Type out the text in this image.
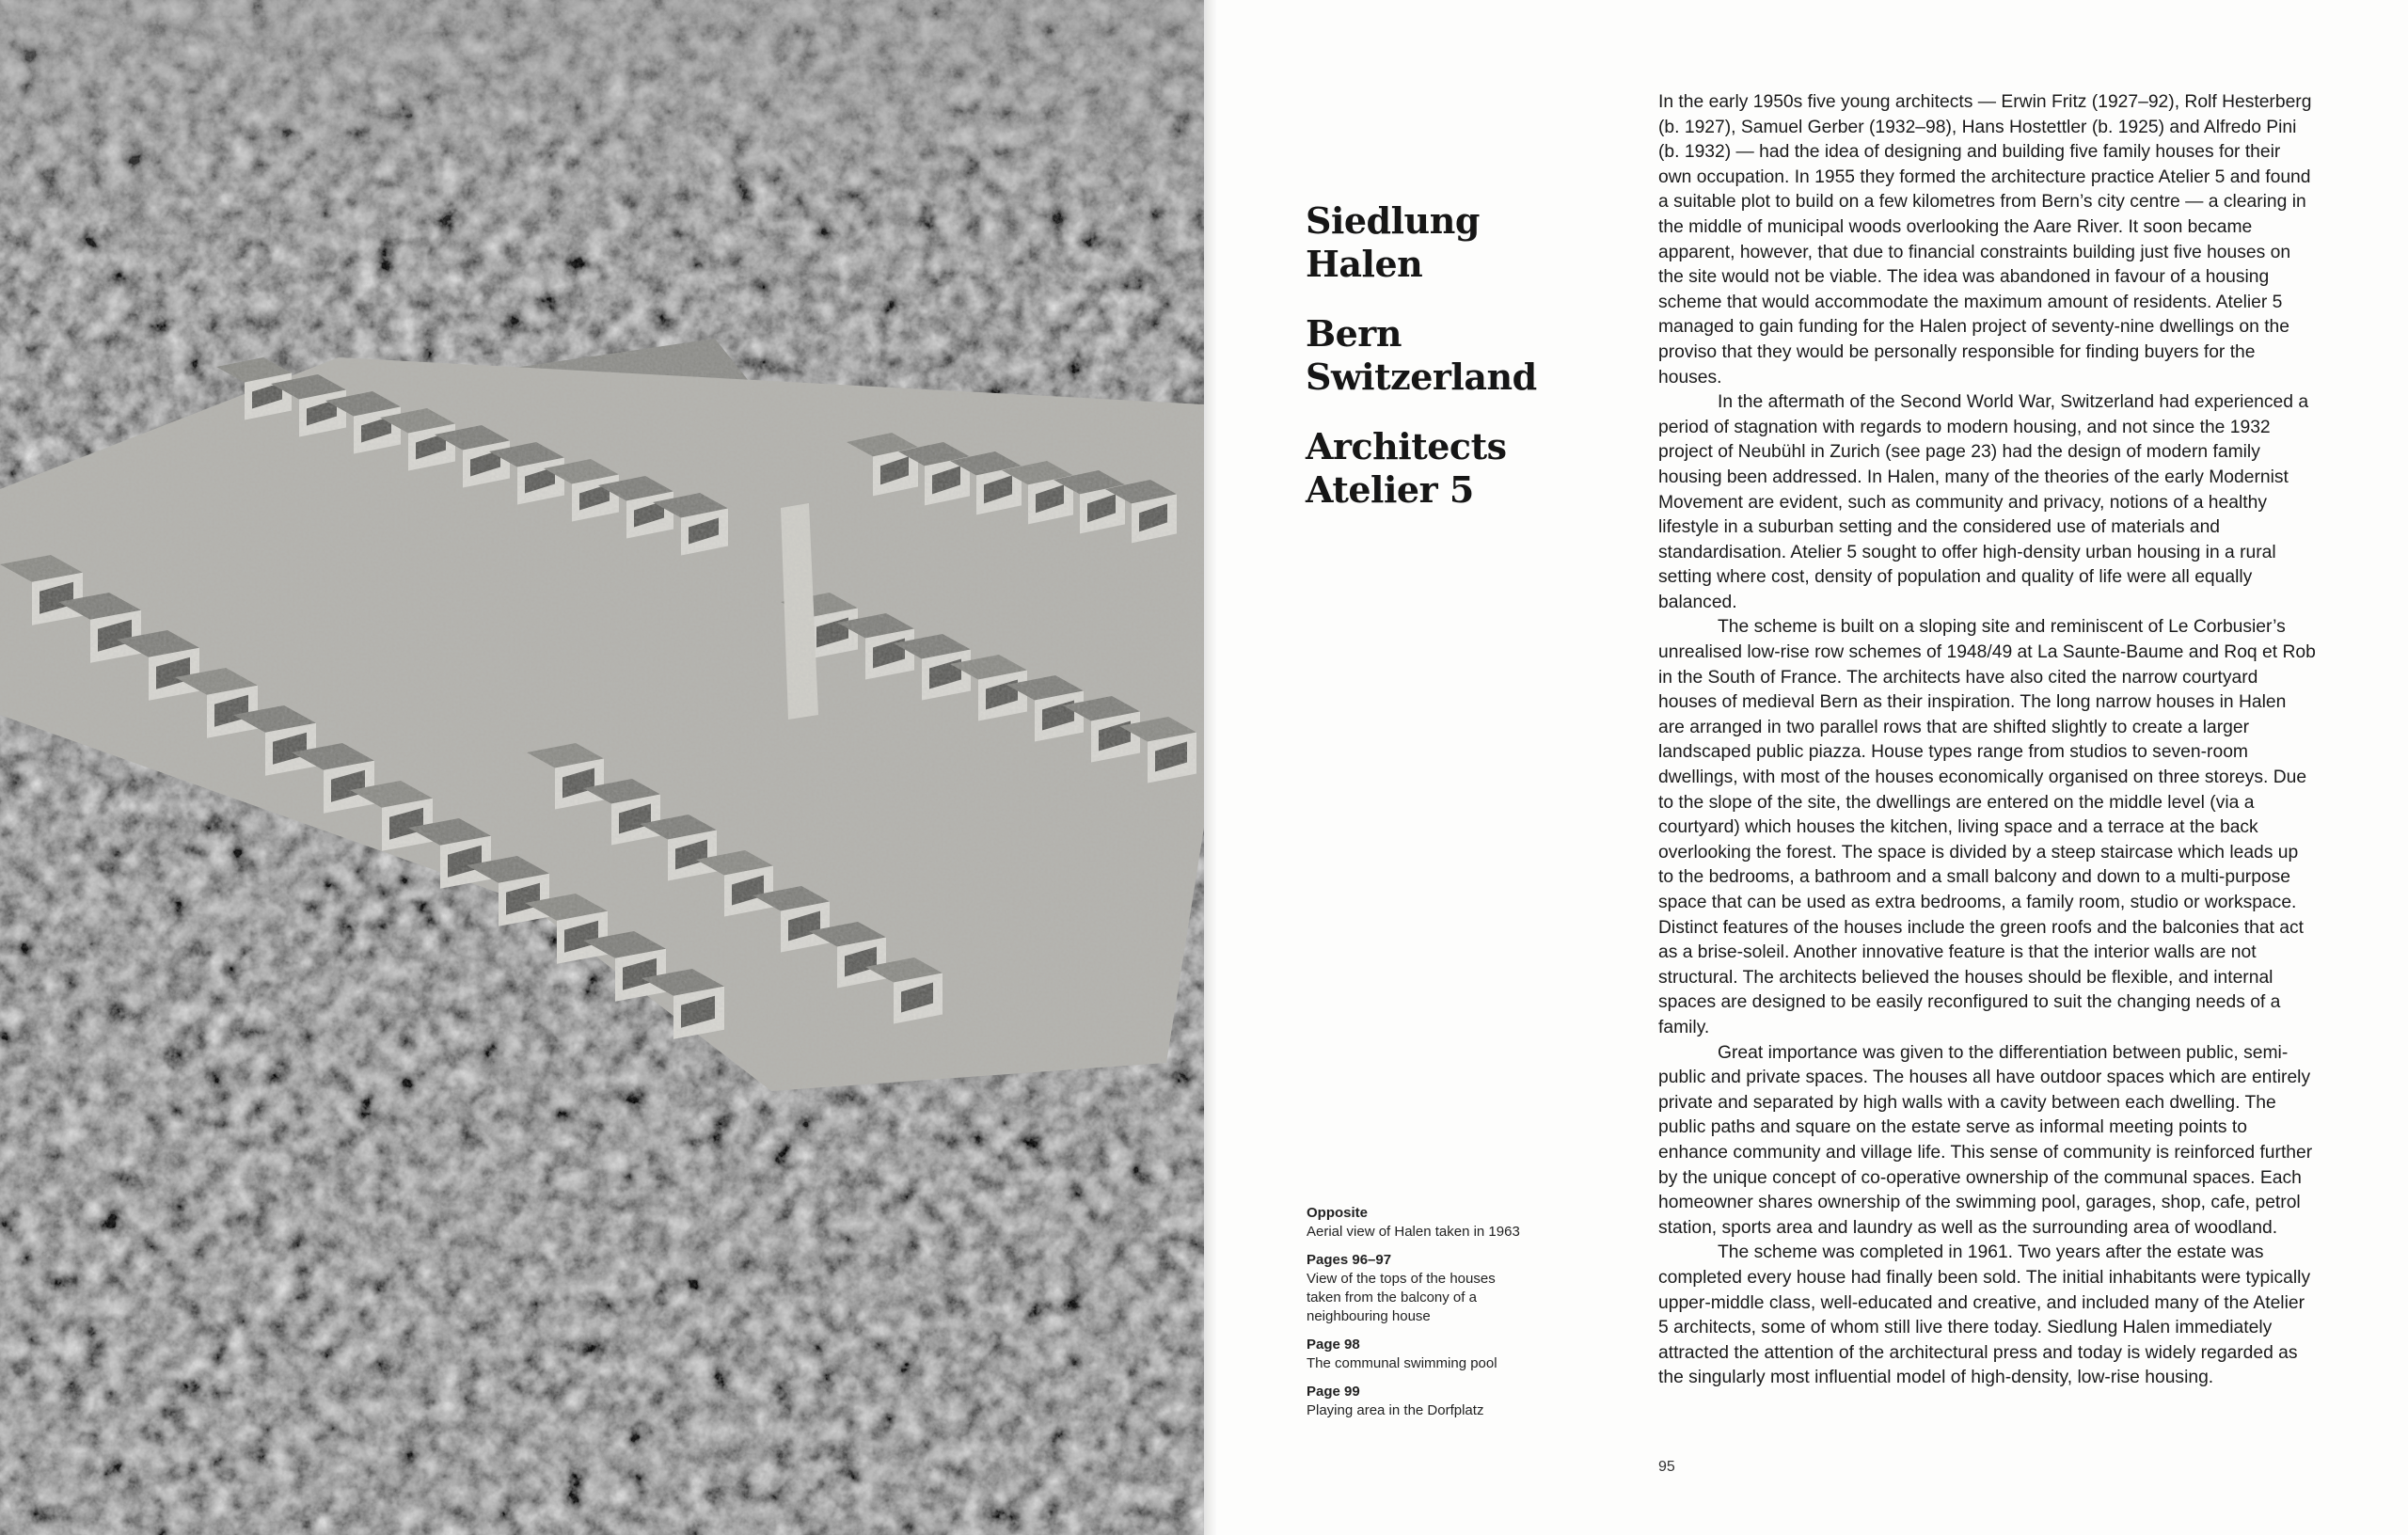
Siedlung
Halen
Bern
Switzerland
Architects
Atelier 5
Opposite
Aerial view of Halen taken in 1963
Pages 96–97
View of the tops of the houses taken from the balcony of a neighbouring house
Page 98
The communal swimming pool
Page 99
Playing area in the Dorfplatz

In the early 1950s five young architects — Erwin Fritz (1927–92), Rolf Hesterberg (b. 1927), Samuel Gerber (1932–98), Hans Hostettler (b. 1925) and Alfredo Pini (b. 1932) — had the idea of designing and building five family houses for their own occupation. In 1955 they formed the architecture practice Atelier 5 and found a suitable plot to build on a few kilometres from Bern’s city centre — a clearing in the middle of municipal woods overlooking the Aare River. It soon became apparent, however, that due to financial constraints building just five houses on the site would not be viable. The idea was abandoned in favour of a housing scheme that would accommodate the maximum amount of residents. Atelier 5 managed to gain funding for the Halen project of seventy-nine dwellings on the proviso that they would be personally responsible for finding buyers for the houses.

In the aftermath of the Second World War, Switzerland had experienced a period of stagnation with regards to modern housing, and not since the 1932 project of Neubühl in Zurich (see page 23) had the design of modern family housing been addressed. In Halen, many of the theories of the early Modernist Movement are evident, such as community and privacy, notions of a healthy lifestyle in a suburban setting and the considered use of materials and standardisation. Atelier 5 sought to offer high-density urban housing in a rural setting where cost, density of population and quality of life were all equally balanced.

The scheme is built on a sloping site and reminiscent of Le Corbusier’s unrealised low-rise row schemes of 1948/49 at La Saunte-Baume and Roq et Rob in the South of France. The architects have also cited the narrow courtyard houses of medieval Bern as their inspiration. The long narrow houses in Halen are arranged in two parallel rows that are shifted slightly to create a larger landscaped public piazza. House types range from studios to seven-room dwellings, with most of the houses economically organised on three storeys. Due to the slope of the site, the dwellings are entered on the middle level (via a courtyard) which houses the kitchen, living space and a terrace at the back overlooking the forest. The space is divided by a steep staircase which leads up to the bedrooms, a bathroom and a small balcony and down to a multi-purpose space that can be used as extra bedrooms, a family room, studio or workspace. Distinct features of the houses include the green roofs and the balconies that act as a brise-soleil. Another innovative feature is that the interior walls are not structural. The architects believed the houses should be flexible, and internal spaces are designed to be easily reconfigured to suit the changing needs of a family.

Great importance was given to the differentiation between public, semi-public and private spaces. The houses all have outdoor spaces which are entirely private and separated by high walls with a cavity between each dwelling. The public paths and square on the estate serve as informal meeting points to enhance community and village life. This sense of community is reinforced further by the unique concept of co-operative ownership of the communal spaces. Each homeowner shares ownership of the swimming pool, garages, shop, cafe, petrol station, sports area and laundry as well as the surrounding area of woodland.

The scheme was completed in 1961. Two years after the estate was completed every house had finally been sold. The initial inhabitants were typically upper-middle class, well-educated and creative, and included many of the Atelier 5 architects, some of whom still live there today. Siedlung Halen immediately attracted the attention of the architectural press and today is widely regarded as the singularly most influential model of high-density, low-rise housing.

95
